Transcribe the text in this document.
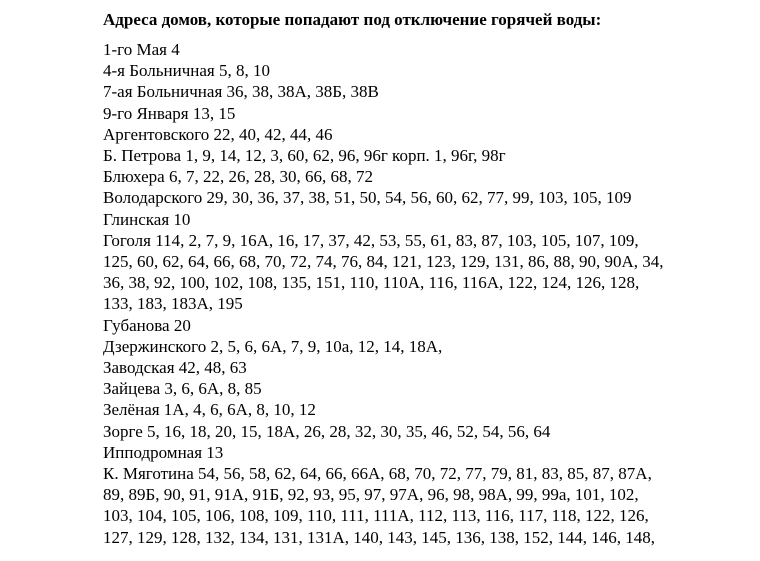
Адреса домов, которые попадают под отключение горячей воды:
1-го Мая 4
4-я Больничная 5, 8, 10
7-ая Больничная 36, 38, 38А, 38Б, 38В
9-го Января 13, 15
Аргентовского 22, 40, 42, 44, 46
Б. Петрова 1, 9, 14, 12, 3, 60, 62, 96, 96г корп. 1, 96г, 98г
Блюхера 6, 7, 22, 26, 28, 30, 66, 68, 72
Володарского 29, 30, 36, 37, 38, 51, 50, 54, 56, 60, 62, 77, 99, 103, 105, 109
Глинская 10
Гоголя 114, 2, 7, 9, 16А, 16, 17, 37, 42, 53, 55, 61, 83, 87, 103, 105, 107, 109,
125, 60, 62, 64, 66, 68, 70, 72, 74, 76, 84, 121, 123, 129, 131, 86, 88, 90, 90А, 34,
36, 38, 92, 100, 102, 108, 135, 151, 110, 110А, 116, 116А, 122, 124, 126, 128,
133, 183, 183А, 195
Губанова 20
Дзержинского 2, 5, 6, 6А, 7, 9, 10а, 12, 14, 18А,
Заводская 42, 48, 63
Зайцева 3, 6, 6А, 8, 85
Зелёная 1А, 4, 6, 6А, 8, 10, 12
Зорге 5, 16, 18, 20, 15, 18А, 26, 28, 32, 30, 35, 46, 52, 54, 56, 64
Ипподромная 13
К. Мяготина 54, 56, 58, 62, 64, 66, 66А, 68, 70, 72, 77, 79, 81, 83, 85, 87, 87А,
89, 89Б, 90, 91, 91А, 91Б, 92, 93, 95, 97, 97А, 96, 98, 98А, 99, 99а, 101, 102,
103, 104, 105, 106, 108, 109, 110, 111, 111А, 112, 113, 116, 117, 118, 122, 126,
127, 129, 128, 132, 134, 131, 131А, 140, 143, 145, 136, 138, 152, 144, 146, 148,
